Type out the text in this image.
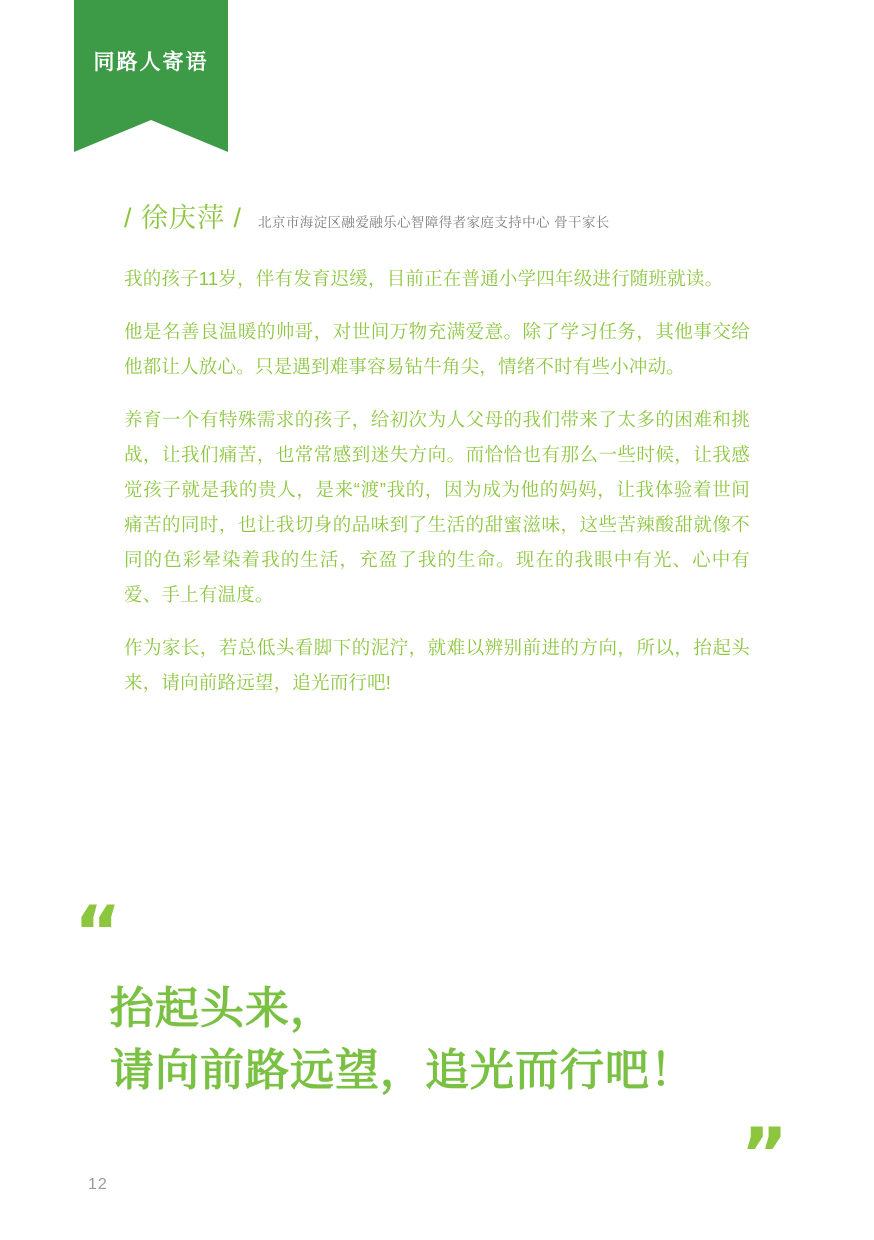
同路人寄语
/ 徐庆萍 / 北京市海淀区融爱融乐心智障得者家庭支持中心 骨干家长

我的孩子11岁，伴有发育迟缓，目前正在普通小学四年级进行随班就读。

他是名善良温暖的帅哥，对世间万物充满爱意。除了学习任务，其他事交给他都让人放心。只是遇到难事容易钻牛角尖，情绪不时有些小冲动。

养育一个有特殊需求的孩子，给初次为人父母的我们带来了太多的困难和挑战，让我们痛苦，也常常感到迷失方向。而恰恰也有那么一些时候，让我感觉孩子就是我的贵人，是来“渡”我的，因为成为他的妈妈，让我体验着世间痛苦的同时，也让我切身的品味到了生活的甜蜜滋味，这些苦辣酸甜就像不同的色彩晕染着我的生活，充盈了我的生命。现在的我眼中有光、心中有爱、手上有温度。

作为家长，若总低头看脚下的泥泞，就难以辨别前进的方向，所以，抬起头来，请向前路远望，追光而行吧!

“
抬起头来，
请向前路远望，追光而行吧！
”
12
